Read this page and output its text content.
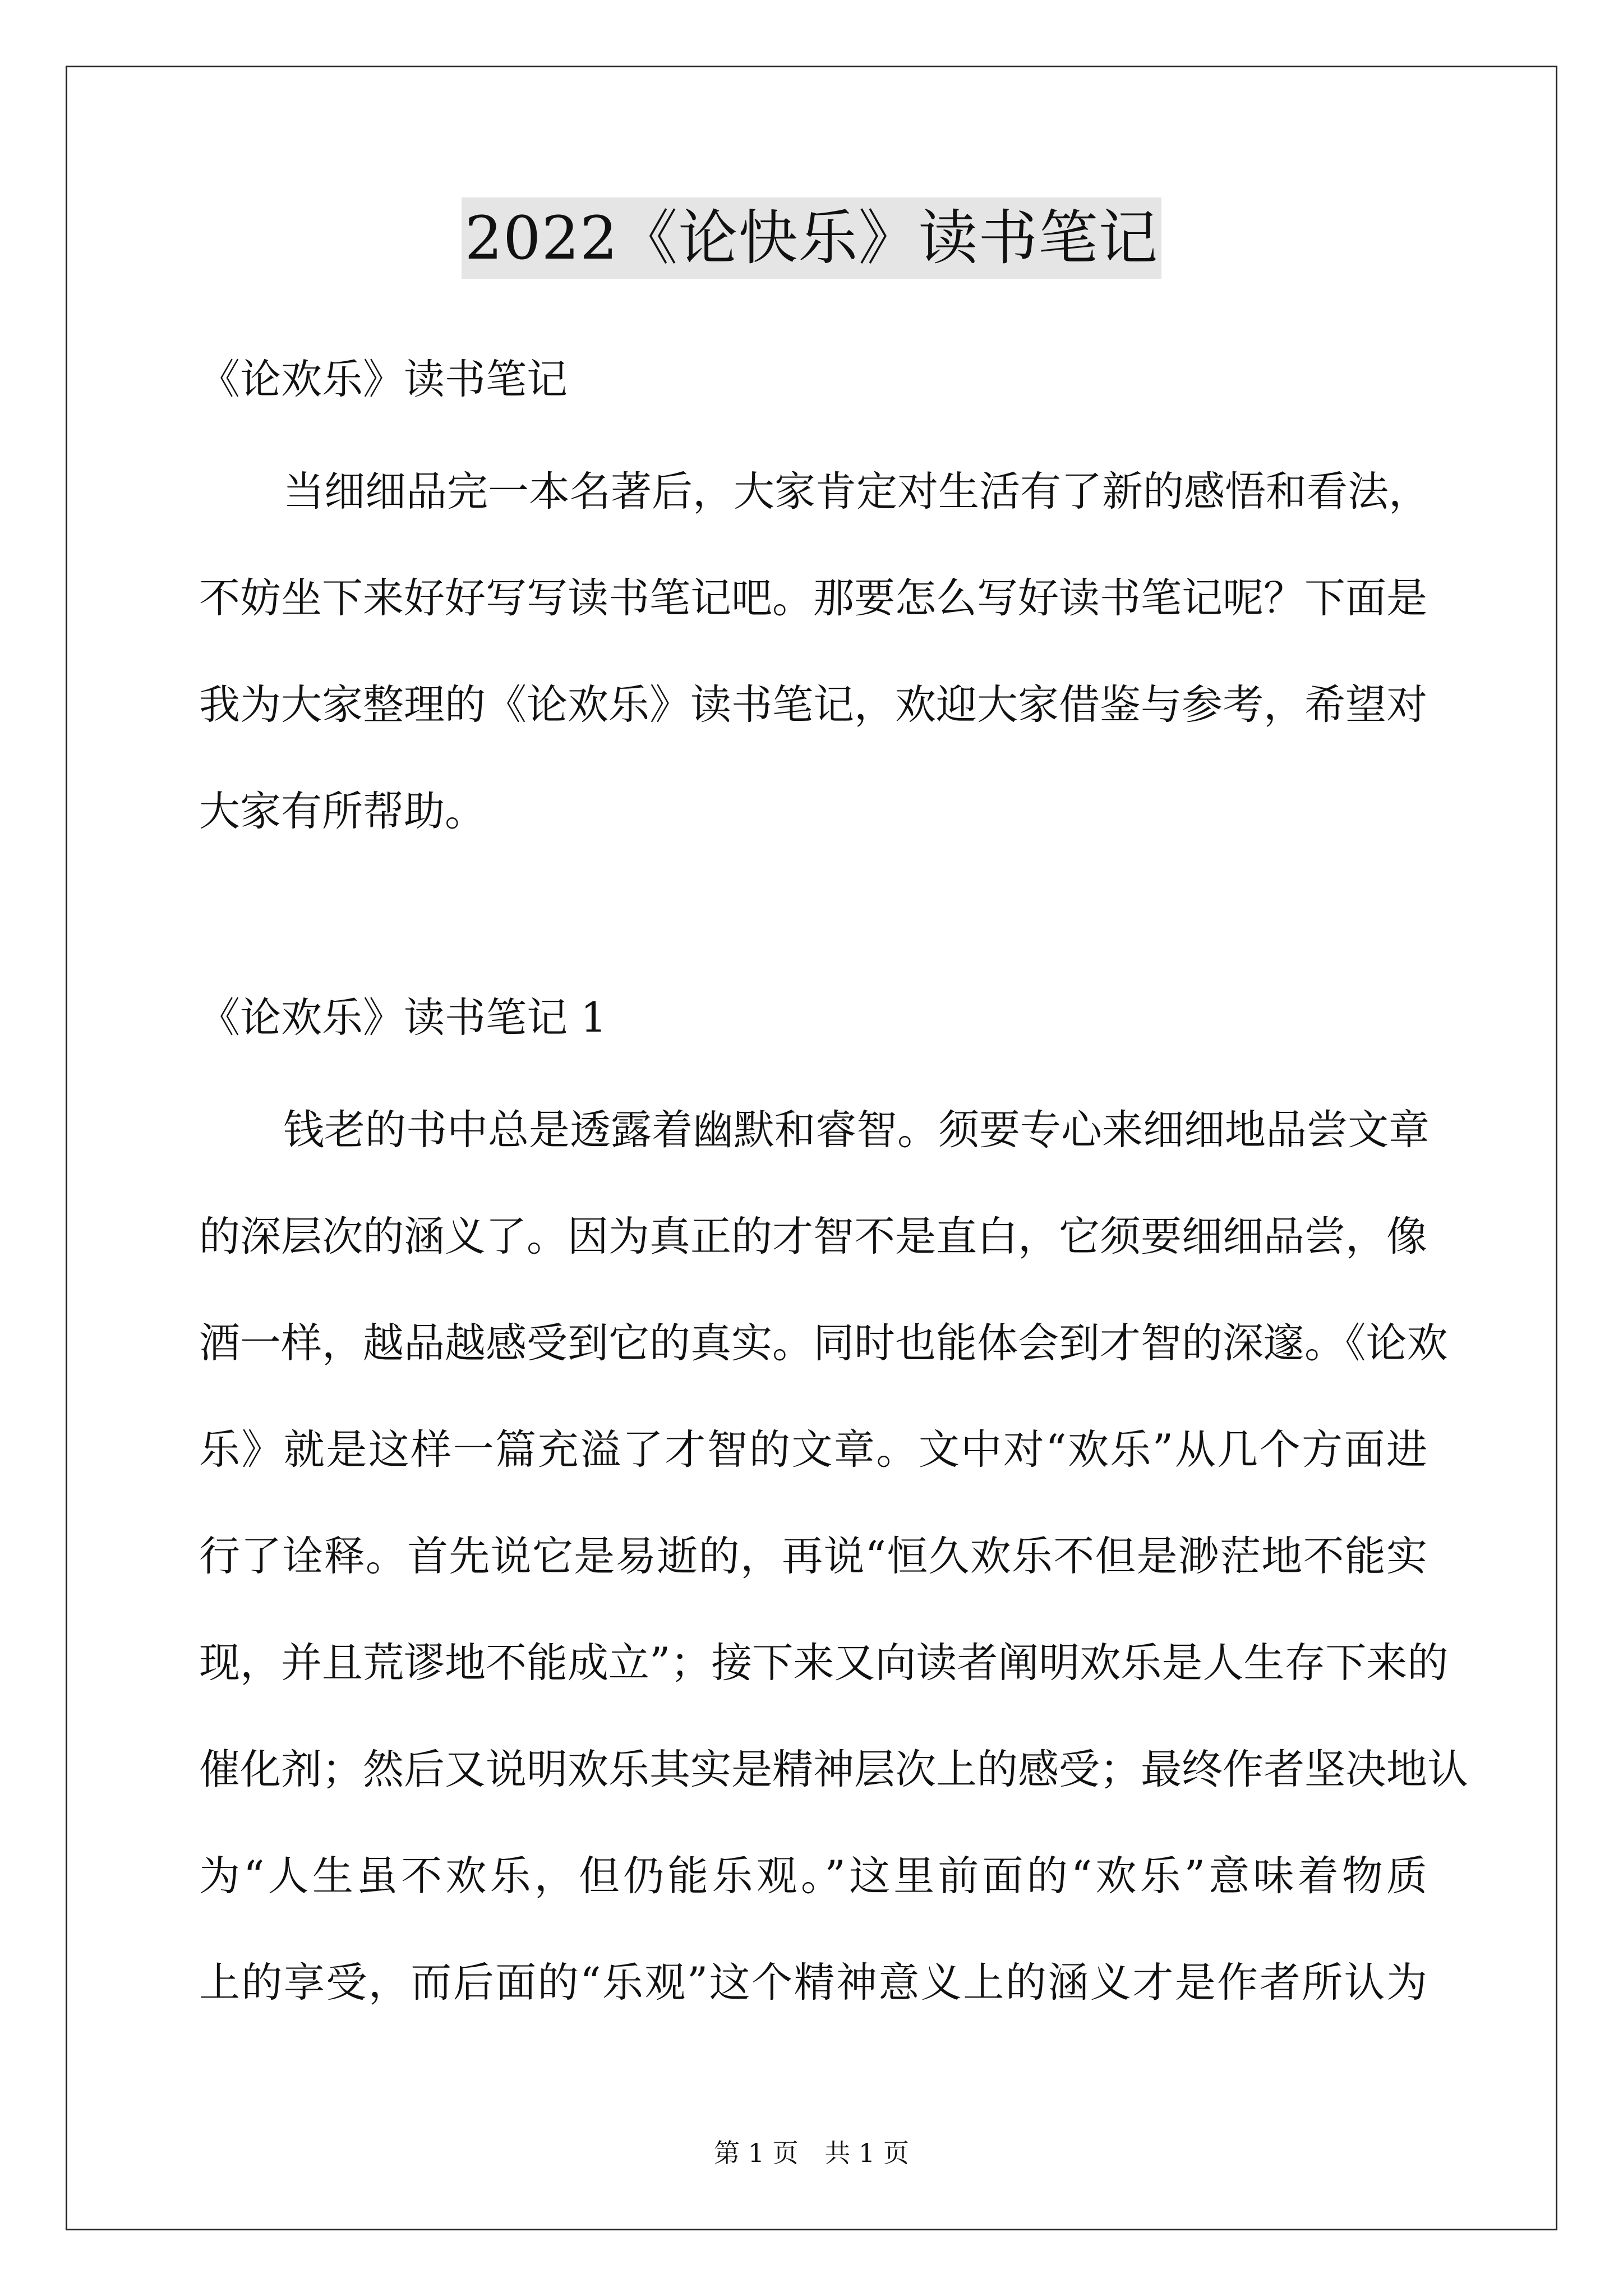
2022《论快乐》读书笔记
《论欢乐》读书笔记
当细细品完一本名著后，大家肯定对生活有了新的感悟和看法，
不妨坐下来好好写写读书笔记吧。那要怎么写好读书笔记呢？下面是
我为大家整理的《论欢乐》读书笔记，欢迎大家借鉴与参考，希望对
大家有所帮助。
《论欢乐》读书笔记 1
钱老的书中总是透露着幽默和睿智。须要专心来细细地品尝文章
的深层次的涵义了。因为真正的才智不是直白，它须要细细品尝，像
酒一样，越品越感受到它的真实。同时也能体会到才智的深邃。《论欢
乐》就是这样一篇充溢了才智的文章。文中对“欢乐”从几个方面进
行了诠释。首先说它是易逝的，再说“恒久欢乐不但是渺茫地不能实
现，并且荒谬地不能成立”；接下来又向读者阐明欢乐是人生存下来的
催化剂；然后又说明欢乐其实是精神层次上的感受；最终作者坚决地认
为“人生虽不欢乐，但仍能乐观。”这里前面的“欢乐”意味着物质
上的享受，而后面的“乐观”这个精神意义上的涵义才是作者所认为
第 1 页 共 1 页
